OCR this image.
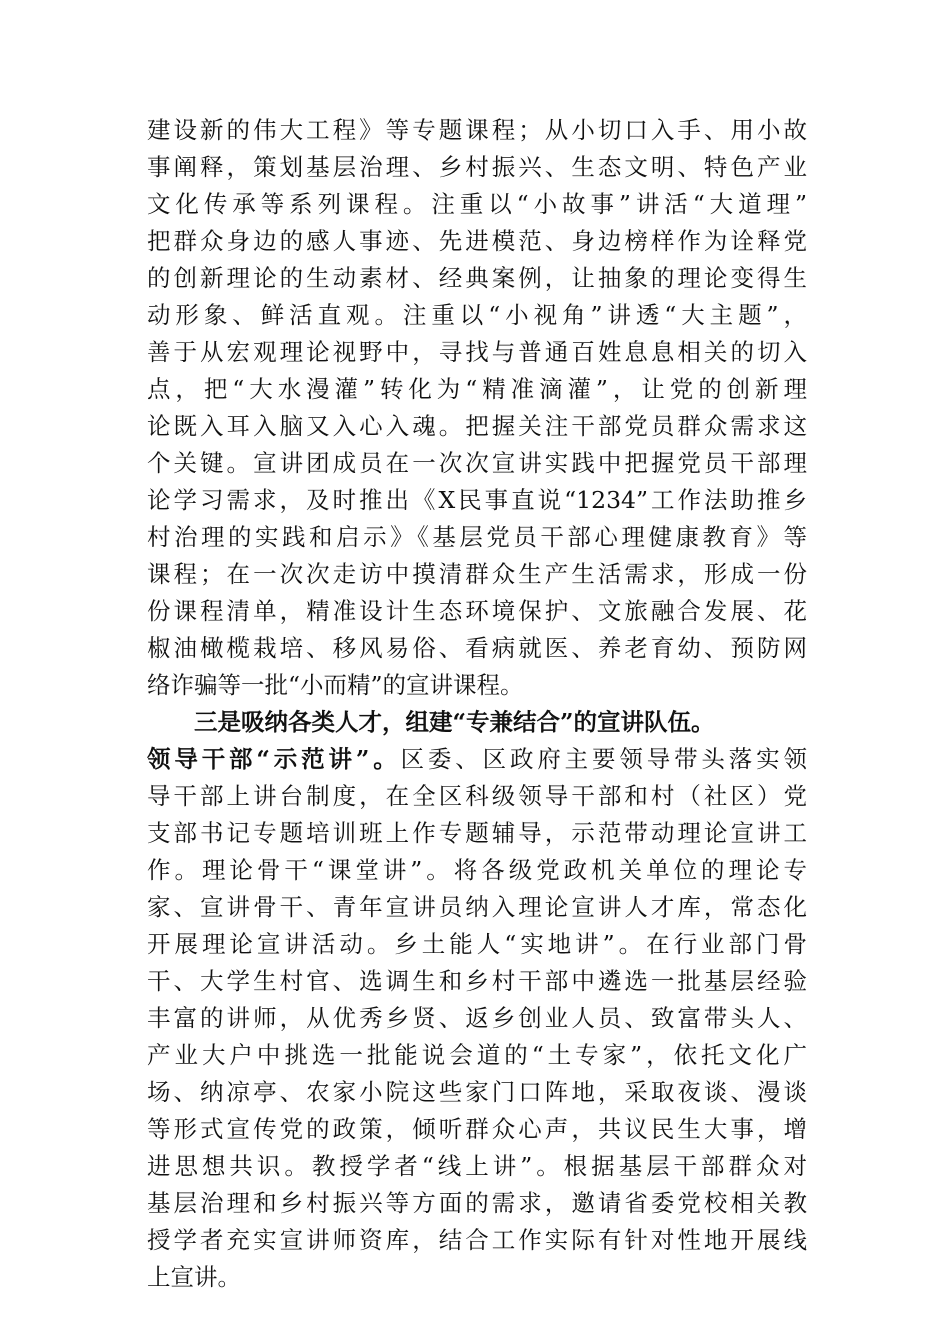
建设新的伟大工程》等专题课程；从小切口入手、用小故
事阐释，策划基层治理、乡村振兴、生态文明、特色产业
文化传承等系列课程。注重以“小故事”讲活“大道理”
把群众身边的感人事迹、先进模范、身边榜样作为诠释党
的创新理论的生动素材、经典案例，让抽象的理论变得生
动形象、鲜活直观。注重以“小视角”讲透“大主题”，
善于从宏观理论视野中，寻找与普通百姓息息相关的切入
点，把“大水漫灌”转化为“精准滴灌”，让党的创新理
论既入耳入脑又入心入魂。把握关注干部党员群众需求这
个关键。宣讲团成员在一次次宣讲实践中把握党员干部理
论学习需求，及时推出《X民事直说“1234”工作法助推乡
村治理的实践和启示》《基层党员干部心理健康教育》等
课程；在一次次走访中摸清群众生产生活需求，形成一份
份课程清单，精准设计生态环境保护、文旅融合发展、花
椒油橄榄栽培、移风易俗、看病就医、养老育幼、预防网
络诈骗等一批“小而精”的宣讲课程。
三是吸纳各类人才，组建“专兼结合”的宣讲队伍。
领导干部“示范讲”。区委、区政府主要领导带头落实领
导干部上讲台制度，在全区科级领导干部和村（社区）党
支部书记专题培训班上作专题辅导，示范带动理论宣讲工
作。理论骨干“课堂讲”。将各级党政机关单位的理论专
家、宣讲骨干、青年宣讲员纳入理论宣讲人才库，常态化
开展理论宣讲活动。乡土能人“实地讲”。在行业部门骨
干、大学生村官、选调生和乡村干部中遴选一批基层经验
丰富的讲师，从优秀乡贤、返乡创业人员、致富带头人、
产业大户中挑选一批能说会道的“土专家”，依托文化广
场、纳凉亭、农家小院这些家门口阵地，采取夜谈、漫谈
等形式宣传党的政策，倾听群众心声，共议民生大事，增
进思想共识。教授学者“线上讲”。根据基层干部群众对
基层治理和乡村振兴等方面的需求，邀请省委党校相关教
授学者充实宣讲师资库，结合工作实际有针对性地开展线
上宣讲。
